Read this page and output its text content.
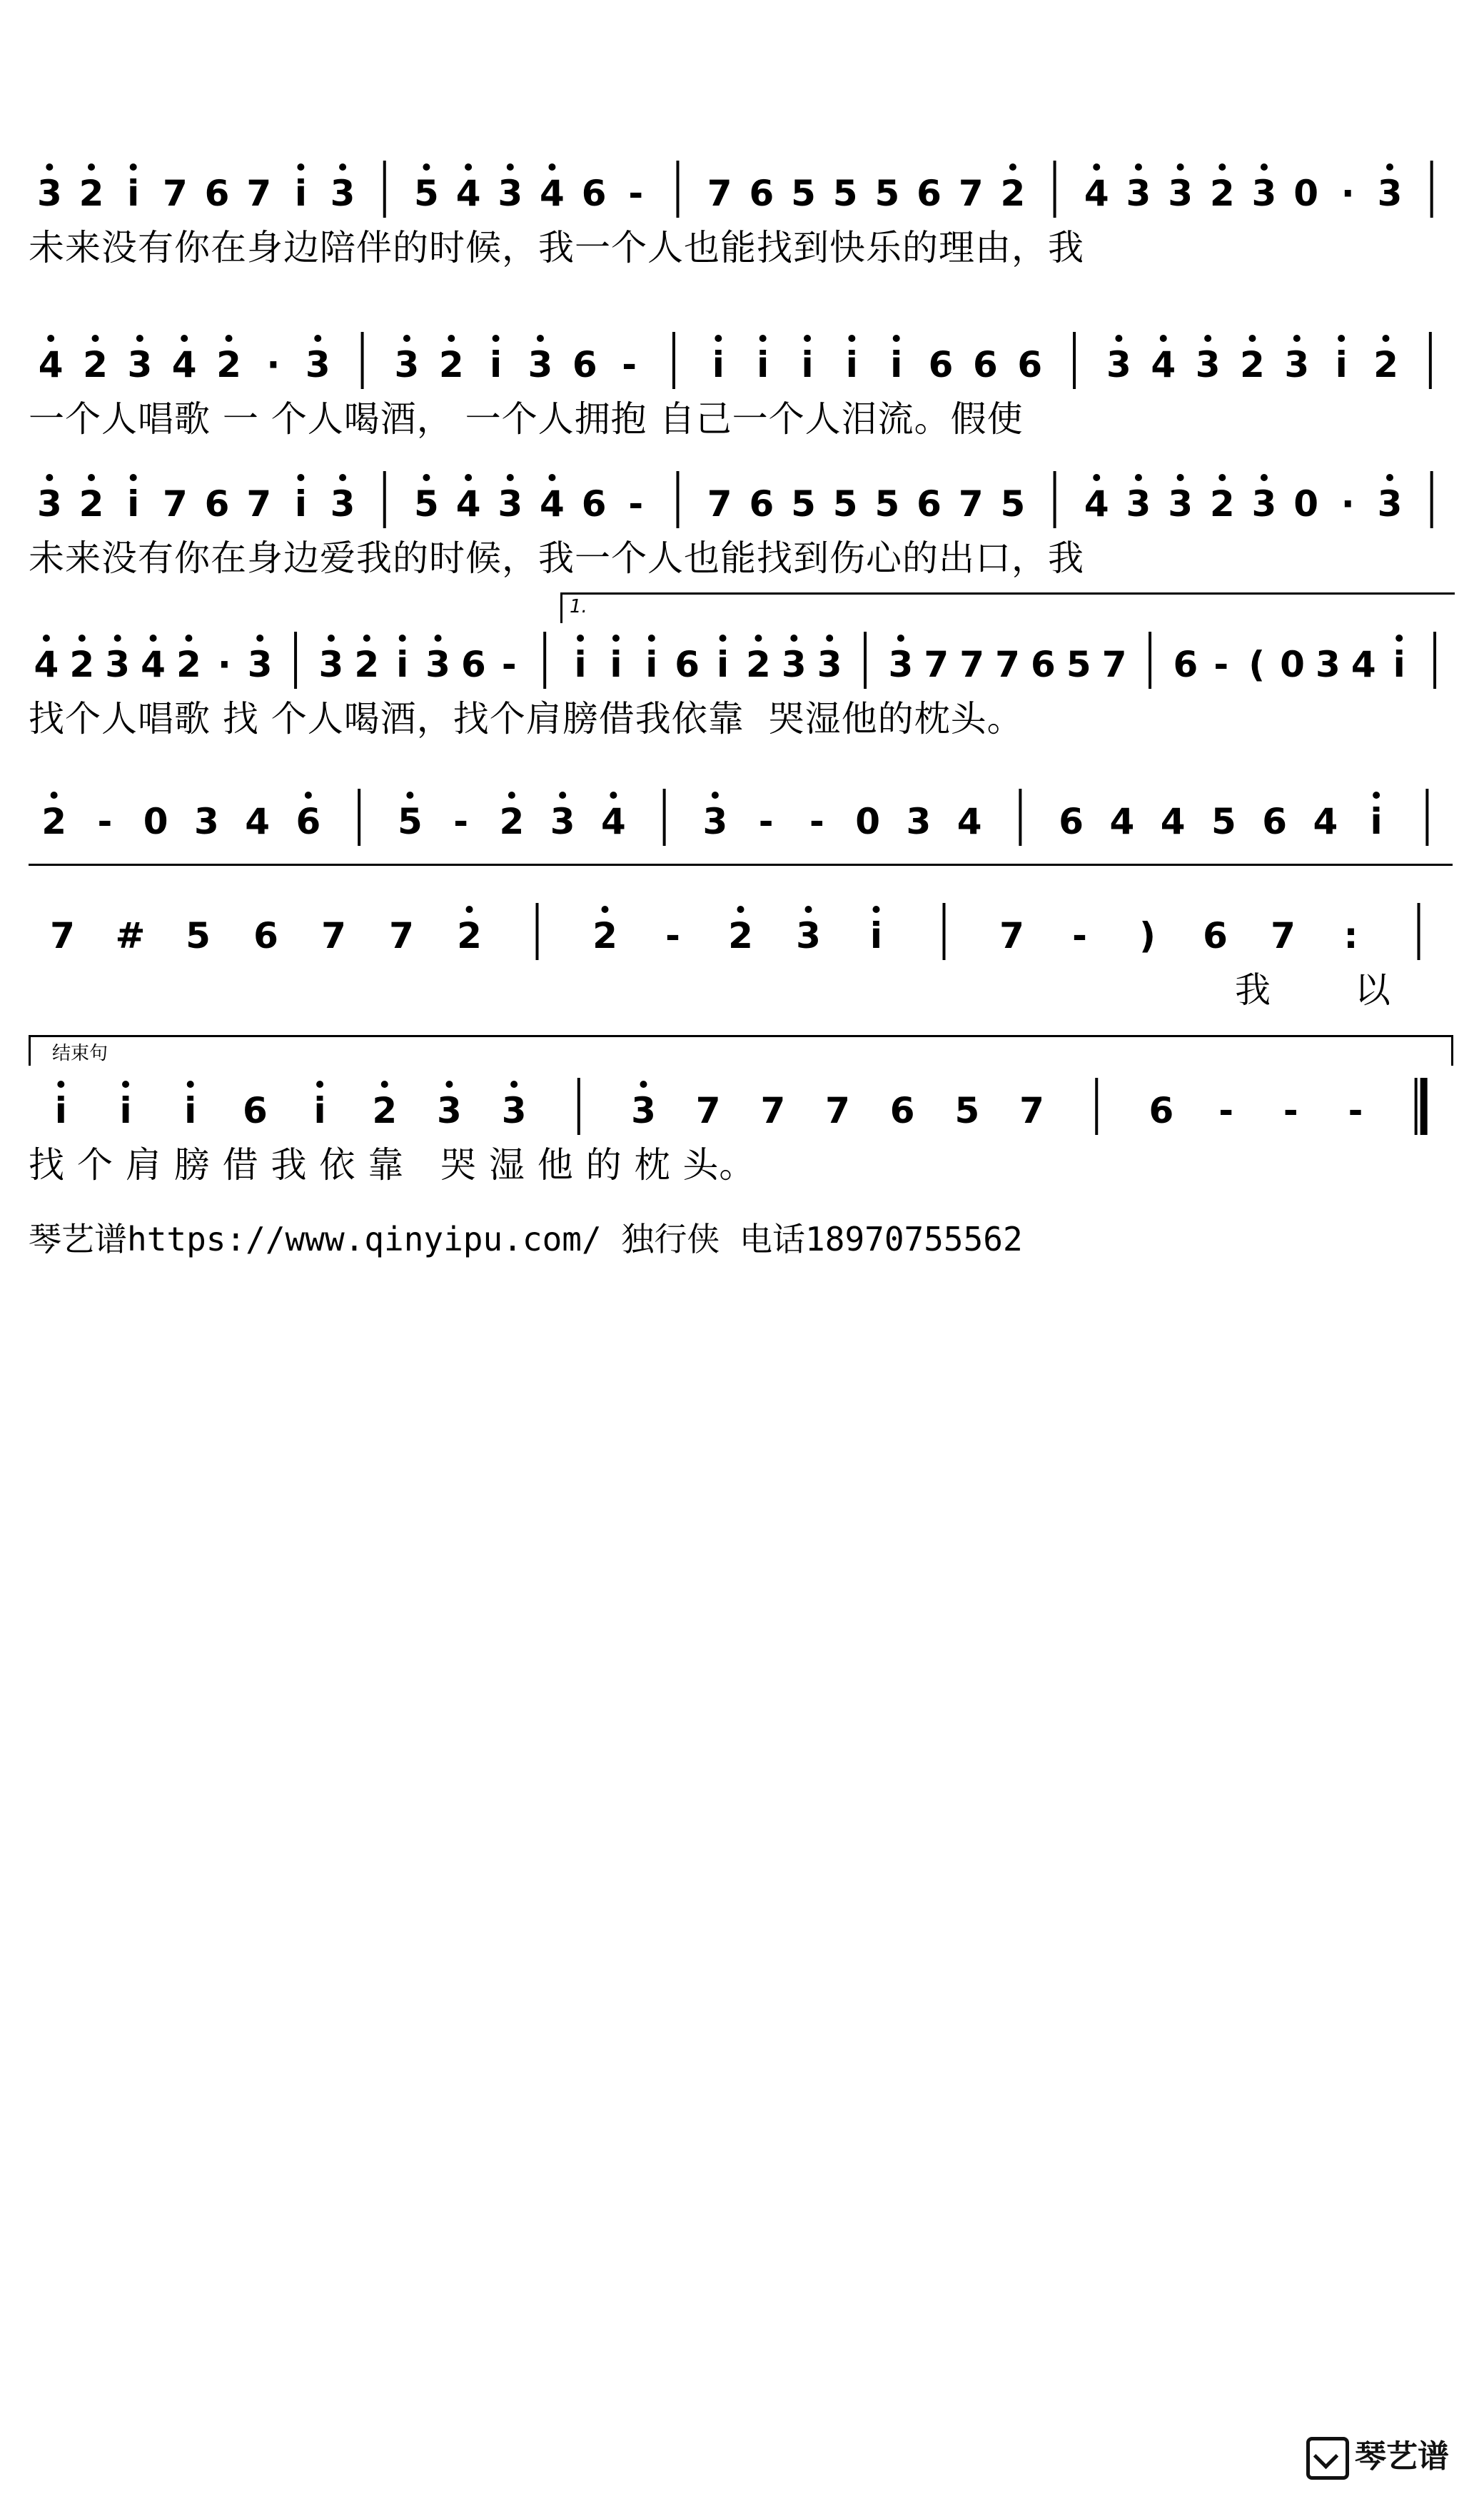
3 2 i 7 6 7 i 3 5 4 3 4 6 - 7 6 5 5 5 6 7 2 4 3 3 2 3 0 · 3
未来没有你在身边陪伴的时候，我一个人也能找到快乐的理由，我
4 2 3 4 2 · 3 3 2 i 3 6 - i i i i i 6 6 6 3 4 3 2 3 i 2
一个人唱歌 一 个人喝酒， 一个人拥抱 自己一个人泪流。假使
3 2 i 7 6 7 i 3 5 4 3 4 6 - 7 6 5 5 5 6 7 5 4 3 3 2 3 0 · 3
未来没有你在身边爱我的时候，我一个人也能找到伤心的出口，我
1.
4 2 3 4 2 · 3 3 2 i 3 6 - i i i 6 i 2 3 3 3 7 7 7 6 5 7 6 - ( 0 3 4 i
找个人唱歌 找 个人喝酒，找个肩膀借我依靠  哭湿他的枕头。
2 - 0 3 4 6 5 - 2 3 4 3 - - 0 3 4 6 4 4 5 6 4 i
7 # 5 6 7 7 2	2 - 2 3 i	7 - ) 6 7 :
我 以
结束句
i i i 6 i 2 3 3	3 7 7 7 6 5 7	6 - - -
找 个 肩 膀 借 我 依 靠   哭 湿 他 的 枕 头。
琴艺谱https://www.qinyipu.com/ 独行侠 电话18970755562
琴艺谱
